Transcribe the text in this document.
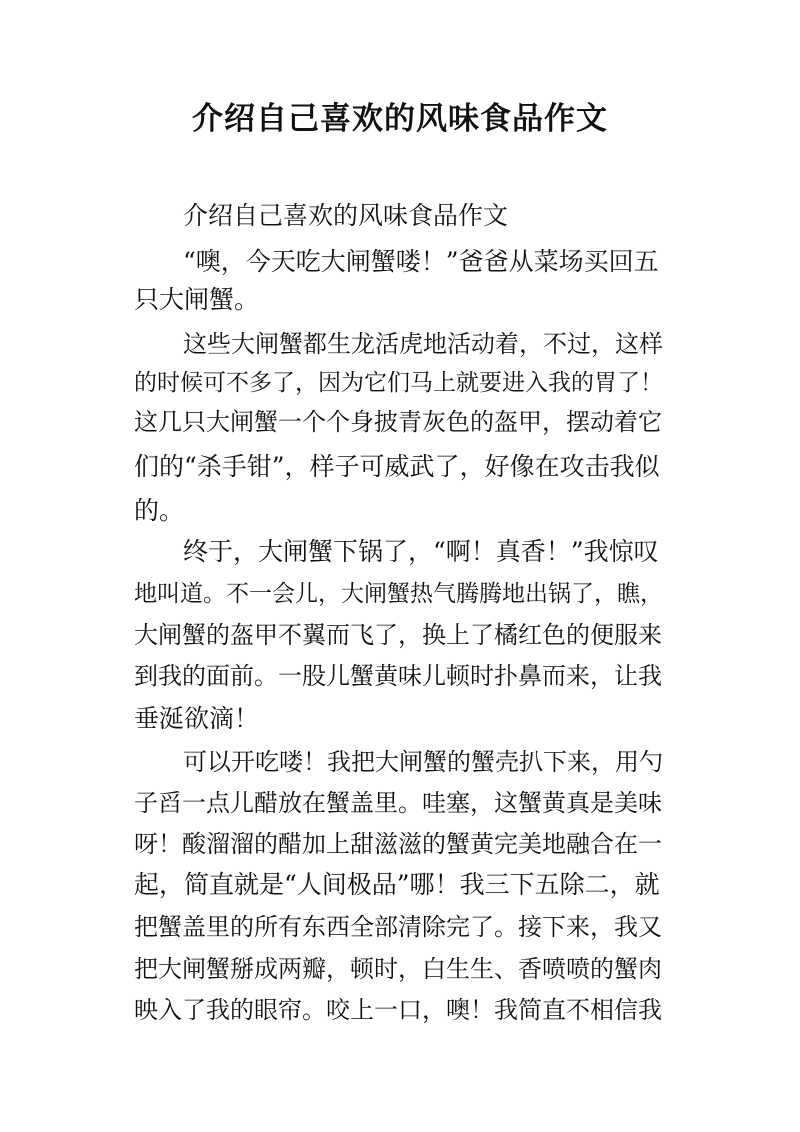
介绍自己喜欢的风味食品作文
介绍自己喜欢的风味食品作文
“噢，今天吃大闸蟹喽！”爸爸从菜场买回五
只大闸蟹。
这些大闸蟹都生龙活虎地活动着，不过，这样
的时候可不多了，因为它们马上就要进入我的胃了！
这几只大闸蟹一个个身披青灰色的盔甲，摆动着它
们的“杀手钳”，样子可威武了，好像在攻击我似
的。
终于，大闸蟹下锅了，“啊！真香！”我惊叹
地叫道。不一会儿，大闸蟹热气腾腾地出锅了，瞧，
大闸蟹的盔甲不翼而飞了，换上了橘红色的便服来
到我的面前。一股儿蟹黄味儿顿时扑鼻而来，让我
垂涎欲滴！
可以开吃喽！我把大闸蟹的蟹壳扒下来，用勺
子舀一点儿醋放在蟹盖里。哇塞，这蟹黄真是美味
呀！酸溜溜的醋加上甜滋滋的蟹黄完美地融合在一
起，简直就是“人间极品”哪！我三下五除二，就
把蟹盖里的所有东西全部清除完了。接下来，我又
把大闸蟹掰成两瓣，顿时，白生生、香喷喷的蟹肉
映入了我的眼帘。咬上一口，噢！我简直不相信我
